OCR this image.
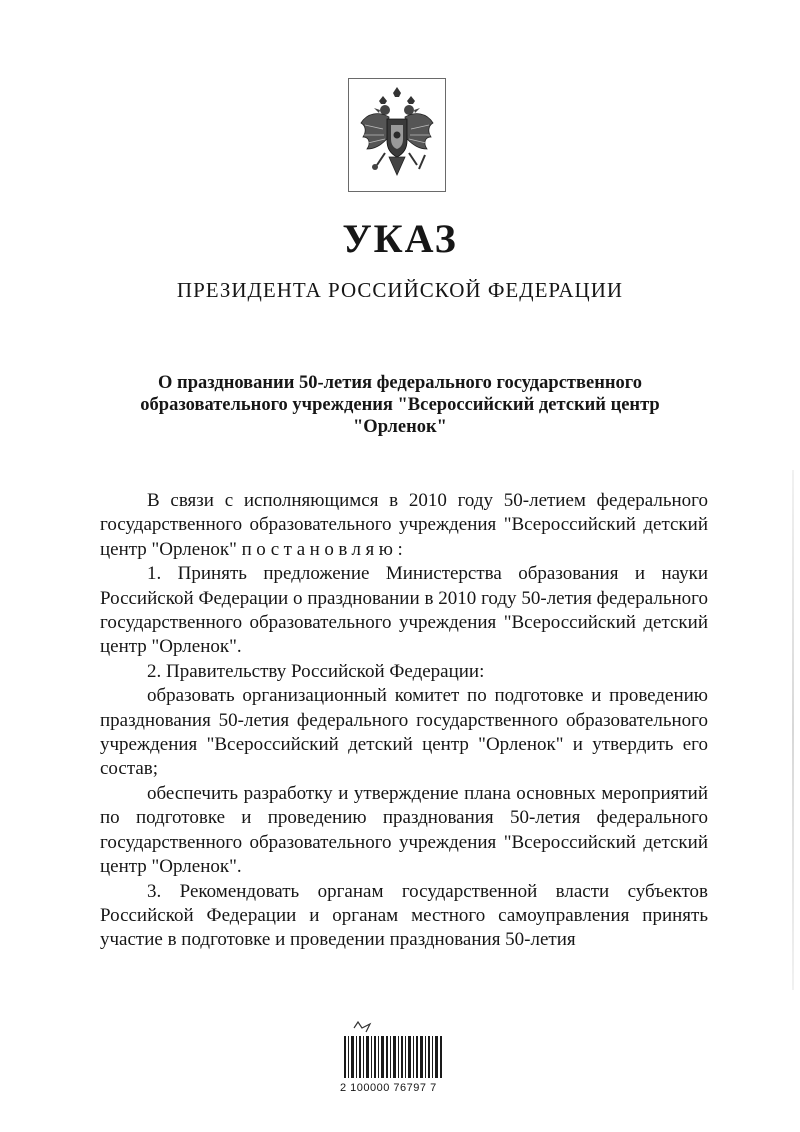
УКАЗ
ПРЕЗИДЕНТА РОССИЙСКОЙ ФЕДЕРАЦИИ
О праздновании 50-летия федерального государственного образовательного учреждения "Всероссийский детский центр "Орленок"

В связи с исполняющимся в 2010 году 50-летием федерального государственного образовательного учреждения "Всероссийский детский центр "Орленок" постановляю:

1. Принять предложение Министерства образования и науки Российской Федерации о праздновании в 2010 году 50-летия федерального государственного образовательного учреждения "Всероссийский детский центр "Орленок".

2. Правительству Российской Федерации:

образовать организационный комитет по подготовке и проведению празднования 50-летия федерального государственного образовательного учреждения "Всероссийский детский центр "Орленок" и утвердить его состав;

обеспечить разработку и утверждение плана основных мероприятий по подготовке и проведению празднования 50-летия федерального государственного образовательного учреждения "Всероссийский детский центр "Орленок".

3. Рекомендовать органам государственной власти субъектов Российской Федерации и органам местного самоуправления принять участие в подготовке и проведении празднования 50-летия

2 100000 76797 7
